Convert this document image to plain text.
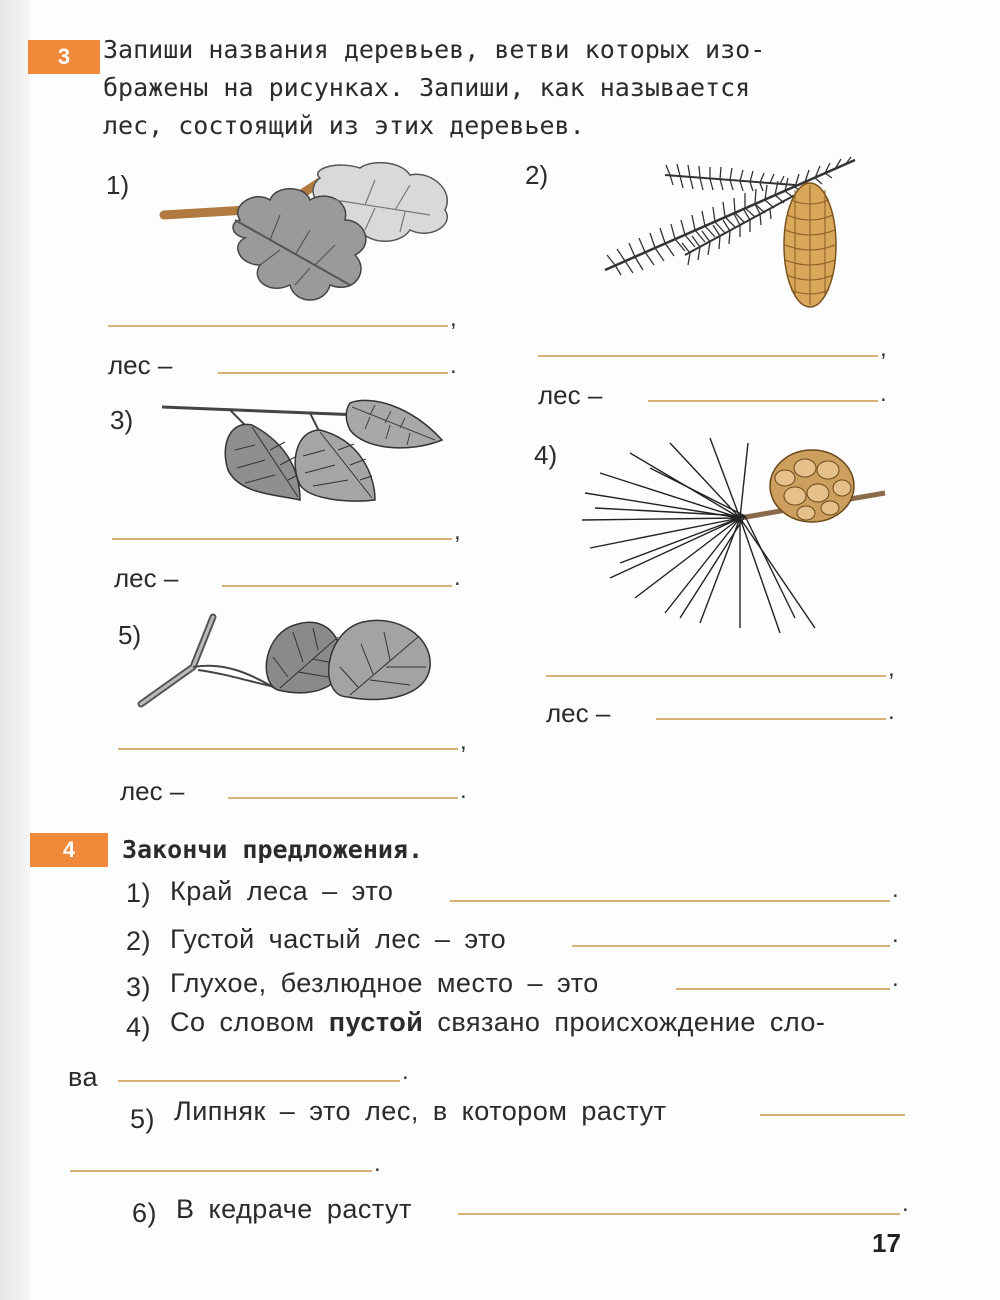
3	Запиши названия деревьев, ветви которых изо-
бражены на рисунках. Запиши, как называется
лес, состоящий из этих деревьев.
1)
,
лес –	.
2)
,
лес –	.
3)
,
лес –	.
4)
,
лес –	.
5)
,
лес –	.
4	Закончи предложения.
1) Край леса – это	.
2) Густой частый лес – это	.
3) Глухое, безлюдное место – это	.
4) Со словом пустой связано происхождение сло-
ва	.
5) Липняк – это лес, в котором растут
.
6) В кедраче растут	.
17
